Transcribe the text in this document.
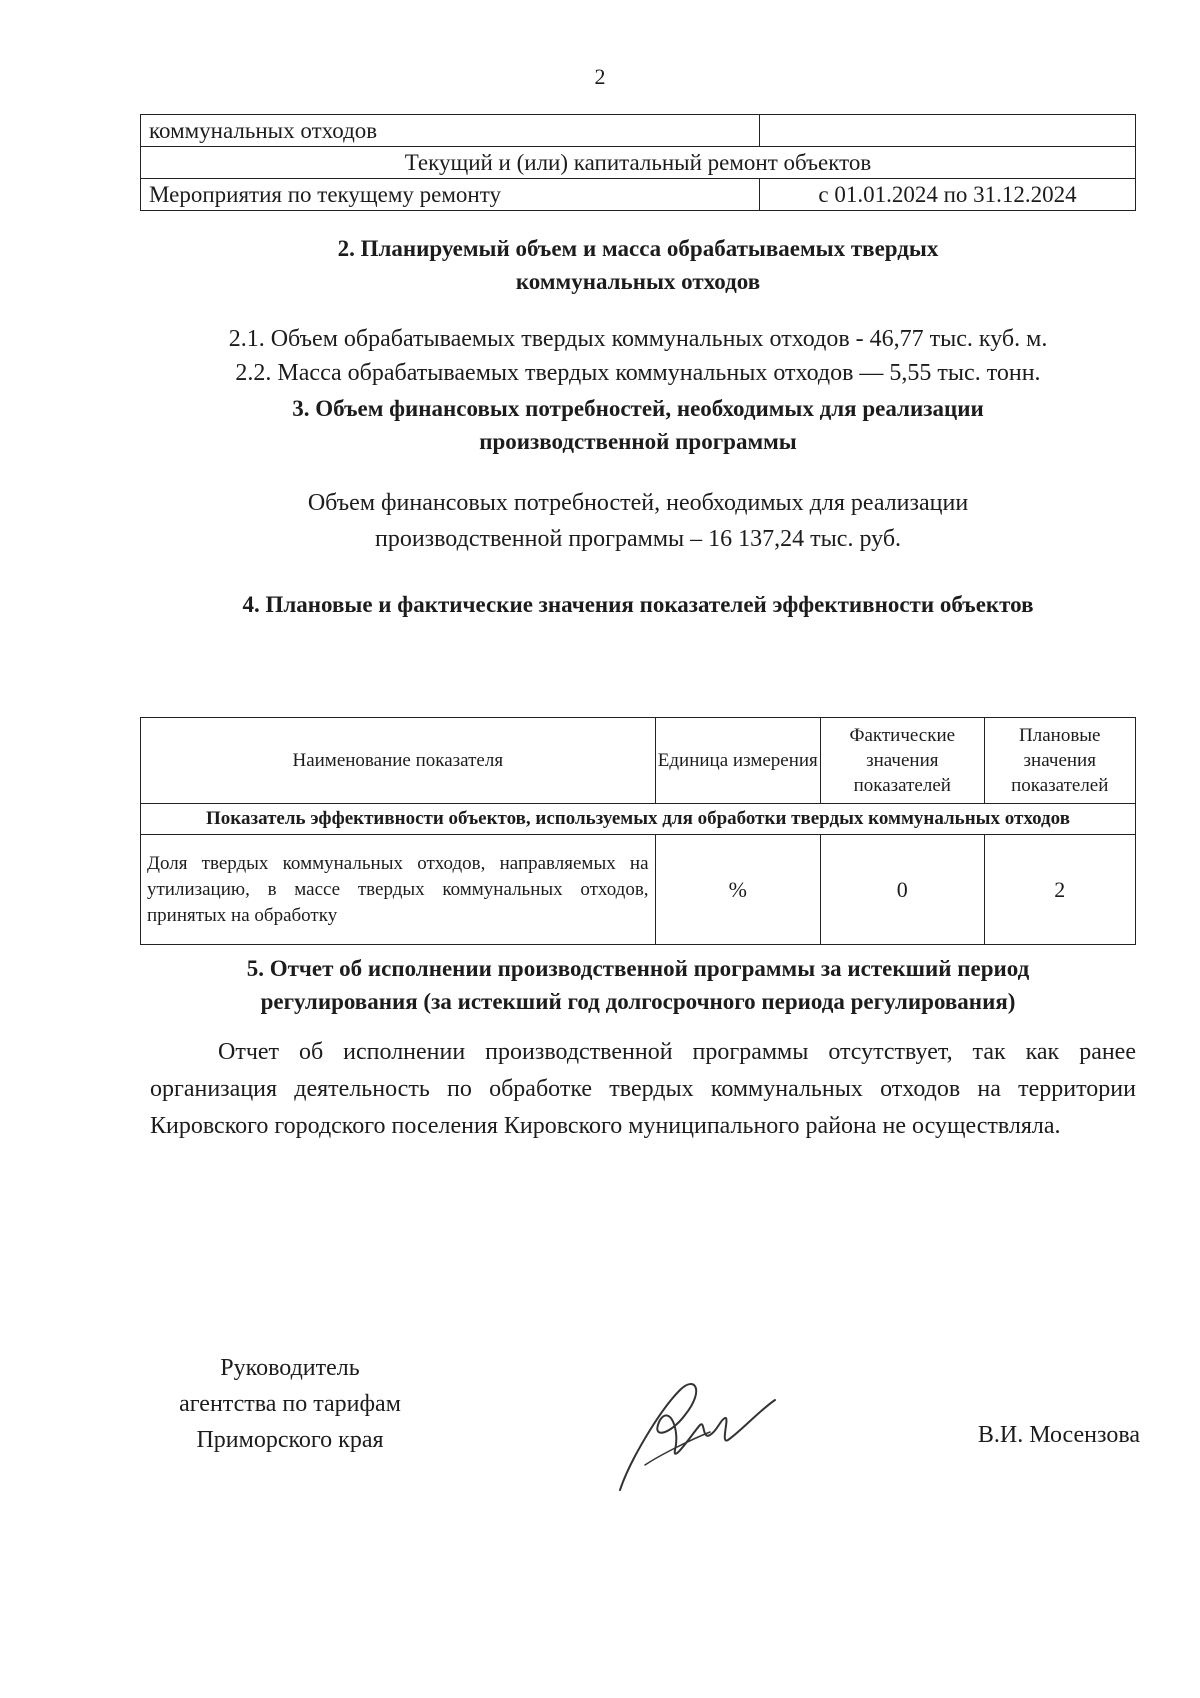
2
коммунальных отходов	
Текущий и (или) капитальный ремонт объектов	
Мероприятия по текущему ремонту	с 01.01.2024 по 31.12.2024
2. Планируемый объем и масса обрабатываемых твердых
коммунальных отходов
2.1. Объем обрабатываемых твердых коммунальных отходов - 46,77 тыс. куб. м.
2.2. Масса обрабатываемых твердых коммунальных отходов — 5,55 тыс. тонн.
3. Объем финансовых потребностей, необходимых для реализации
производственной программы
Объем финансовых потребностей, необходимых для реализации
производственной программы – 16 137,24 тыс. руб.
4. Плановые и фактические значения показателей эффективности объектов
Наименование показателя	Единица измерения	Фактические значения показателей	Плановые значения показателей
Показатель эффективности объектов, используемых для обработки твердых коммунальных отходов			
Доля твердых коммунальных отходов, направляемых на утилизацию, в массе твердых коммунальных отходов, принятых на обработку	%	0	2
5. Отчет об исполнении производственной программы за истекший период
регулирования (за истекший год долгосрочного периода регулирования)
Отчет об исполнении производственной программы отсутствует, так как ранее организация деятельность по обработке твердых коммунальных отходов на территории Кировского городского поселения Кировского муниципального района не осуществляла.
Руководитель
агентства по тарифам
Приморского края	В.И. Мосензова
